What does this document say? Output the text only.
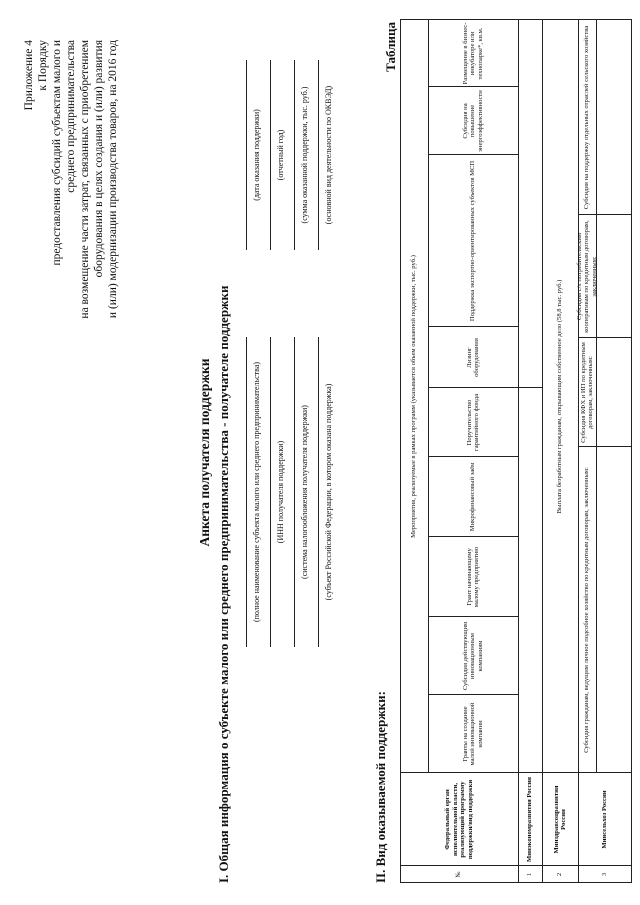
Приложение 4 к Порядку предоставления субсидий субъектам малого и среднего предпринимательства на возмещение части затрат, связанных с приобретением оборудования в целях создания и (или) развития и (или) модернизации производства товаров, на 2016 год
Анкета получателя поддержки I. Общая информация о субъекте малого или среднего предпринимательства - получателе поддержки	(полное наименование субъекта малого или среднего предпринимательства) (ИНН получателя поддержки) (система налогообложения получателя поддержки) (субъект Российской Федерации, в котором оказана поддержка)
(дата оказания поддержки) (отчетный год) (сумма оказанной поддержки, тыс. руб.) (основной вид деятельности по ОКВЭД)
II. Вид оказываемой поддержки:
Таблица
№
Федеральный орган исполнительной власти, реализующий программу поддержки/вид поддержки
Мероприятия, реализуемые в рамках программ (указывается объем оказанной поддержки, тыс. руб.)
Гранты на создание малой инновационной компании
Субсидия действующим инновационным компаниям
Грант начинающему малому предприятию
Микрофинансовый заём
Поручительство гарантийного фонда
Лизинг оборудования
Поддержка экспортно-ориентированных субъектов МСП
Субсидия на повышение энергоэффективности
Размещение в бизнес-инкубаторе или технопарке*, кв.м.
1
Минэкономразвития России
2
Минздравсоцразвития России
Выплата безработным гражданам, открывающим собственное дело (58,8 тыс. руб.)
3
Минсельхоз России
Субсидия гражданам, ведущим личное подсобное хозяйство по кредитным договорам, заключенным:
Субсидия КФХ и ИП по кредитным договорам, заключенным:
Субсидия с/х потребительским кооперативам по кредитным договорам, заключенным:
Субсидия на поддержку отдельных отраслей сельского хозяйства
